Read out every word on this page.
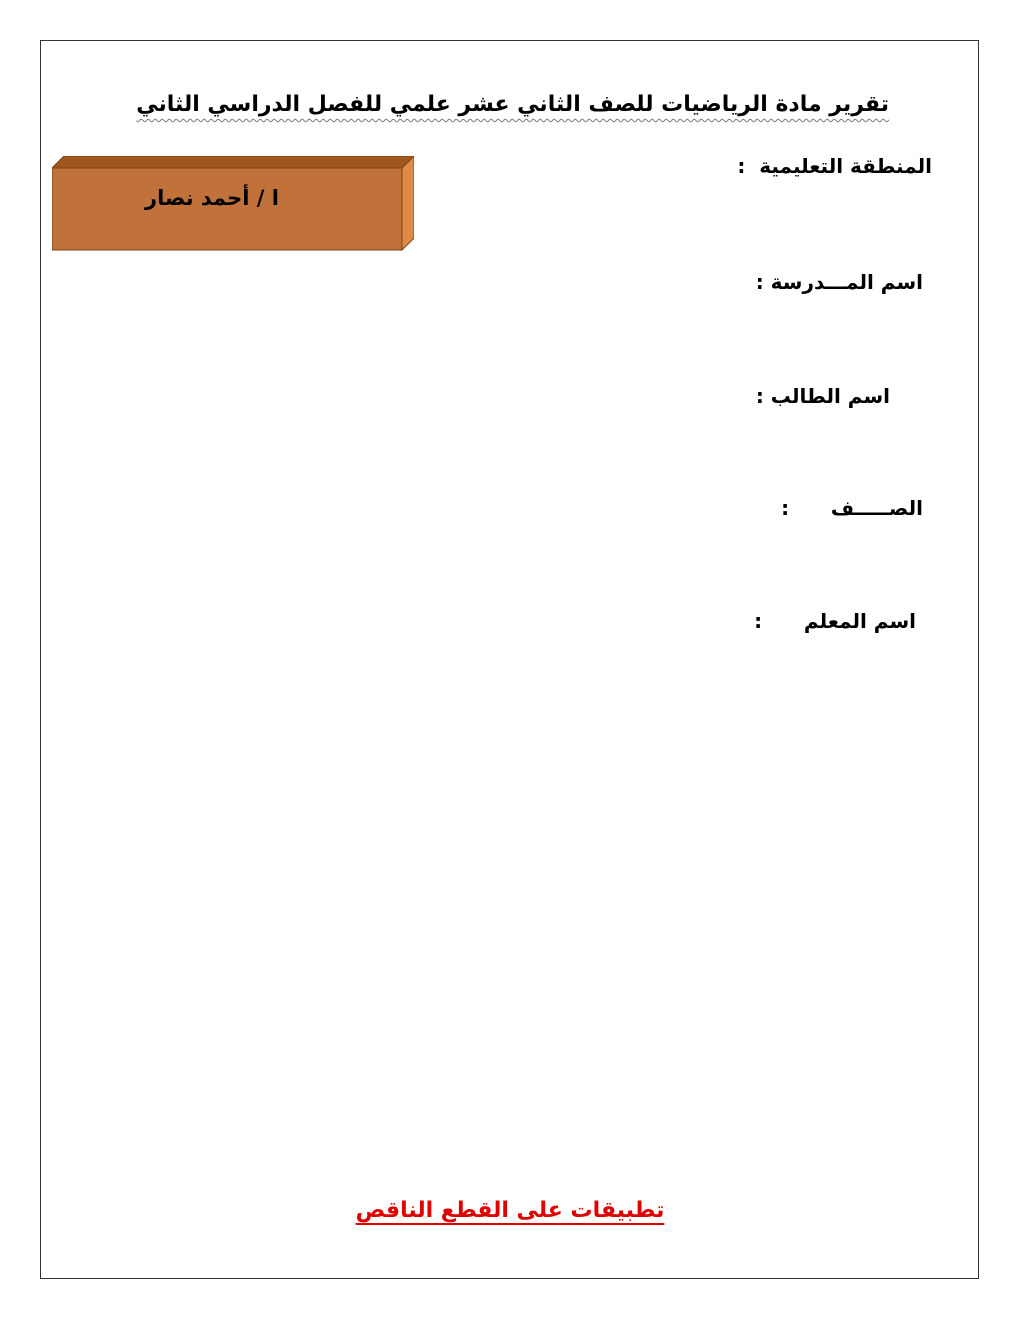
تقرير مادة الرياضيات للصف الثاني عشر علمي للفصل الدراسي الثاني
ا / أحمد نصار
المنطقة التعليمية  :
اسم المـــدرسة :
اسم الطالب :
الصـــــف      :
اسم المعلم      :
تطبيقات على القطع الناقص
